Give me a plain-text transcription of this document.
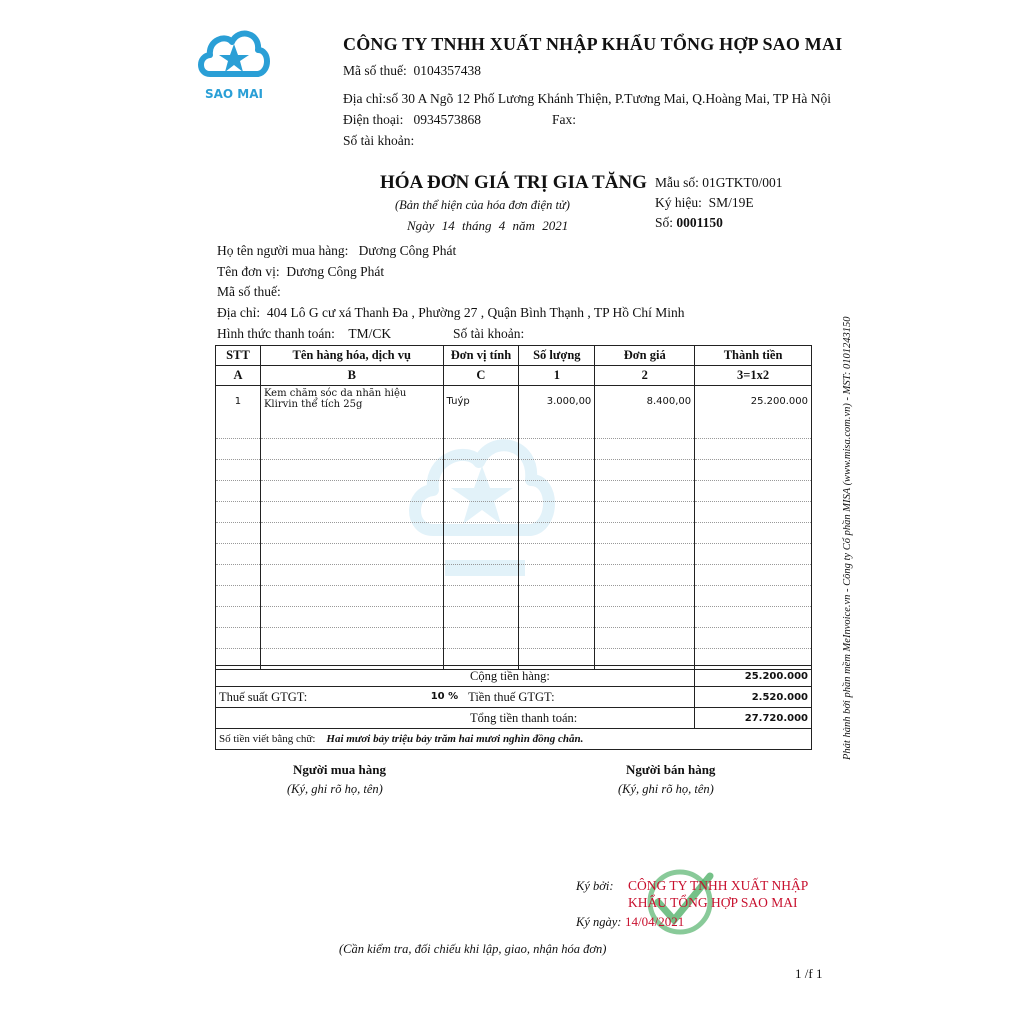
SAO MAI
CÔNG TY TNHH XUẤT NHẬP KHẨU TỔNG HỢP SAO MAI
Mã số thuế: 0104357438
Địa chỉ:số 30 A Ngõ 12 Phố Lương Khánh Thiện, P.Tương Mai, Q.Hoàng Mai, TP Hà Nội
Điện thoại: 0934573868	Fax:
Số tài khoản:
HÓA ĐƠN GIÁ TRỊ GIA TĂNG
(Bản thể hiện của hóa đơn điện tử)
Ngày 14 tháng 4 năm 2021
Mẫu số: 01GTKT0/001
Ký hiệu: SM/19E
Số: 0001150
Họ tên người mua hàng: Dương Công Phát
Tên đơn vị: Dương Công Phát
Mã số thuế:
Địa chỉ: 404 Lô G cư xá Thanh Đa , Phường 27 , Quận Bình Thạnh , TP Hồ Chí Minh
Hình thức thanh toán: TM/CK	Số tài khoản:
STT	Tên hàng hóa, dịch vụ	Đơn vị tính	Số lượng	Đơn giá	Thành tiền
A	B	C	1	2	3=1x2
1	Kem chăm sóc da nhãn hiệu Klirvin thể tích 25g	Tuýp	3.000,00	8.400,00	25.200.000

Cộng tiền hàng:		25.200.000
Thuế suất GTGT: 10 %	Tiền thuế GTGT:	2.520.000
Tổng tiền thanh toán:		27.720.000
Số tiền viết bằng chữ: Hai mươi bảy triệu bảy trăm hai mươi nghìn đồng chẵn.		
Người mua hàng
(Ký, ghi rõ họ, tên)
Người bán hàng
(Ký, ghi rõ họ, tên)
Ký bởi: CÔNG TY TNHH XUẤT NHẬP
KHẨU TỔNG HỢP SAO MAI
Ký ngày: 14/04/2021
(Cần kiểm tra, đối chiếu khi lập, giao, nhận hóa đơn)
1 /f 1
Phát hành bởi phần mềm MeInvoice.vn - Công ty Cổ phần MISA (www.misa.com.vn) - MST: 0101243150
